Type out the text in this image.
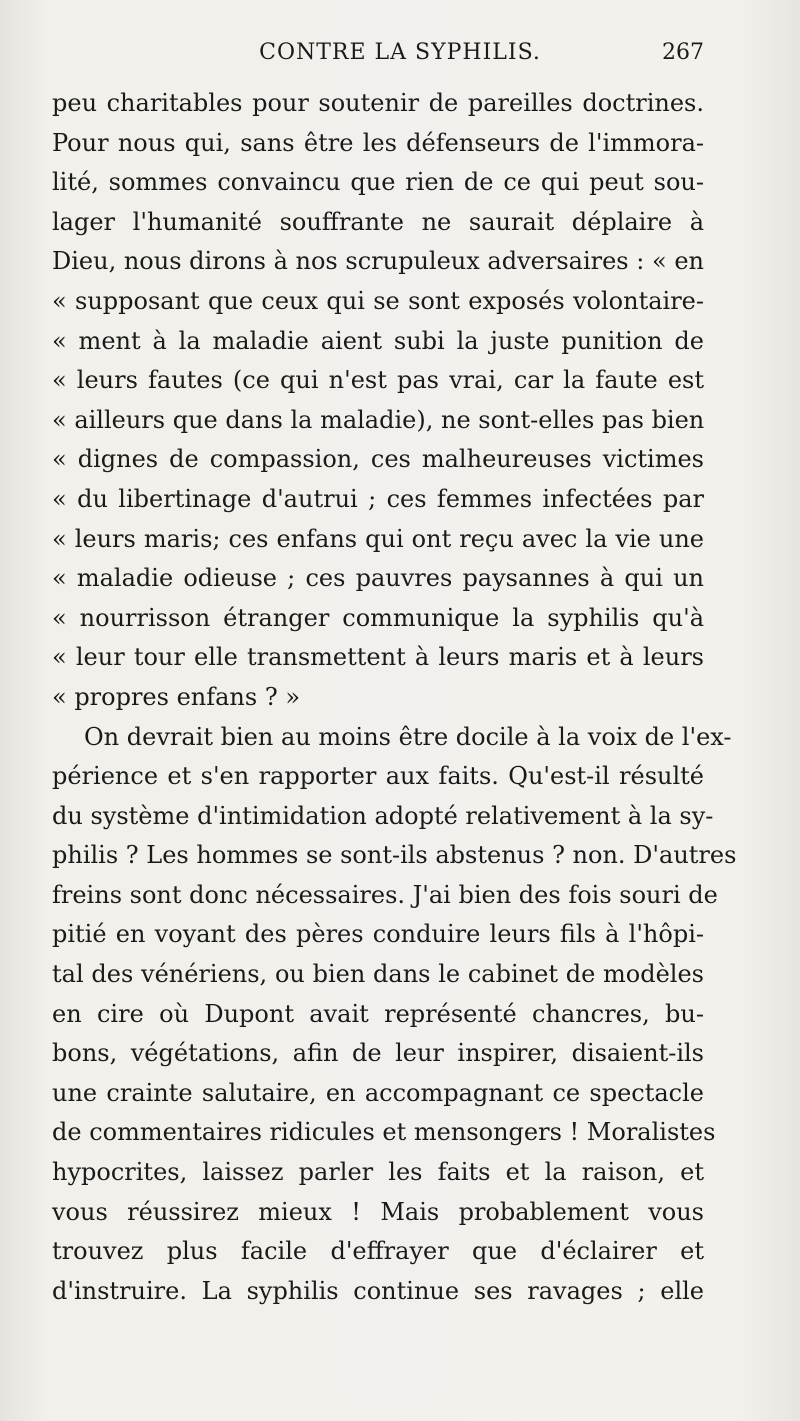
CONTRE LA SYPHILIS.	267
peu charitables pour soutenir de pareilles doctrines.
Pour nous qui, sans être les défenseurs de l'immora-
lité, sommes convaincu que rien de ce qui peut sou-
lager l'humanité souffrante ne saurait déplaire à
Dieu, nous dirons à nos scrupuleux adversaires : « en
« supposant que ceux qui se sont exposés volontaire-
« ment à la maladie aient subi la juste punition de
« leurs fautes (ce qui n'est pas vrai, car la faute est
« ailleurs que dans la maladie), ne sont-elles pas bien
« dignes de compassion, ces malheureuses victimes
« du libertinage d'autrui ; ces femmes infectées par
« leurs maris; ces enfans qui ont reçu avec la vie une
« maladie odieuse ; ces pauvres paysannes à qui un
« nourrisson étranger communique la syphilis qu'à
« leur tour elle transmettent à leurs maris et à leurs
« propres enfans ? »
On devrait bien au moins être docile à la voix de l'ex-
périence et s'en rapporter aux faits. Qu'est-il résulté
du système d'intimidation adopté relativement à la sy-
philis ? Les hommes se sont-ils abstenus ? non. D'autres
freins sont donc nécessaires. J'ai bien des fois souri de
pitié en voyant des pères conduire leurs fils à l'hôpi-
tal des vénériens, ou bien dans le cabinet de modèles
en cire où Dupont avait représenté chancres, bu-
bons, végétations, afin de leur inspirer, disaient-ils
une crainte salutaire, en accompagnant ce spectacle
de commentaires ridicules et mensongers ! Moralistes
hypocrites, laissez parler les faits et la raison, et
vous réussirez mieux ! Mais probablement vous
trouvez plus facile d'effrayer que d'éclairer et
d'instruire. La syphilis continue ses ravages ; elle
